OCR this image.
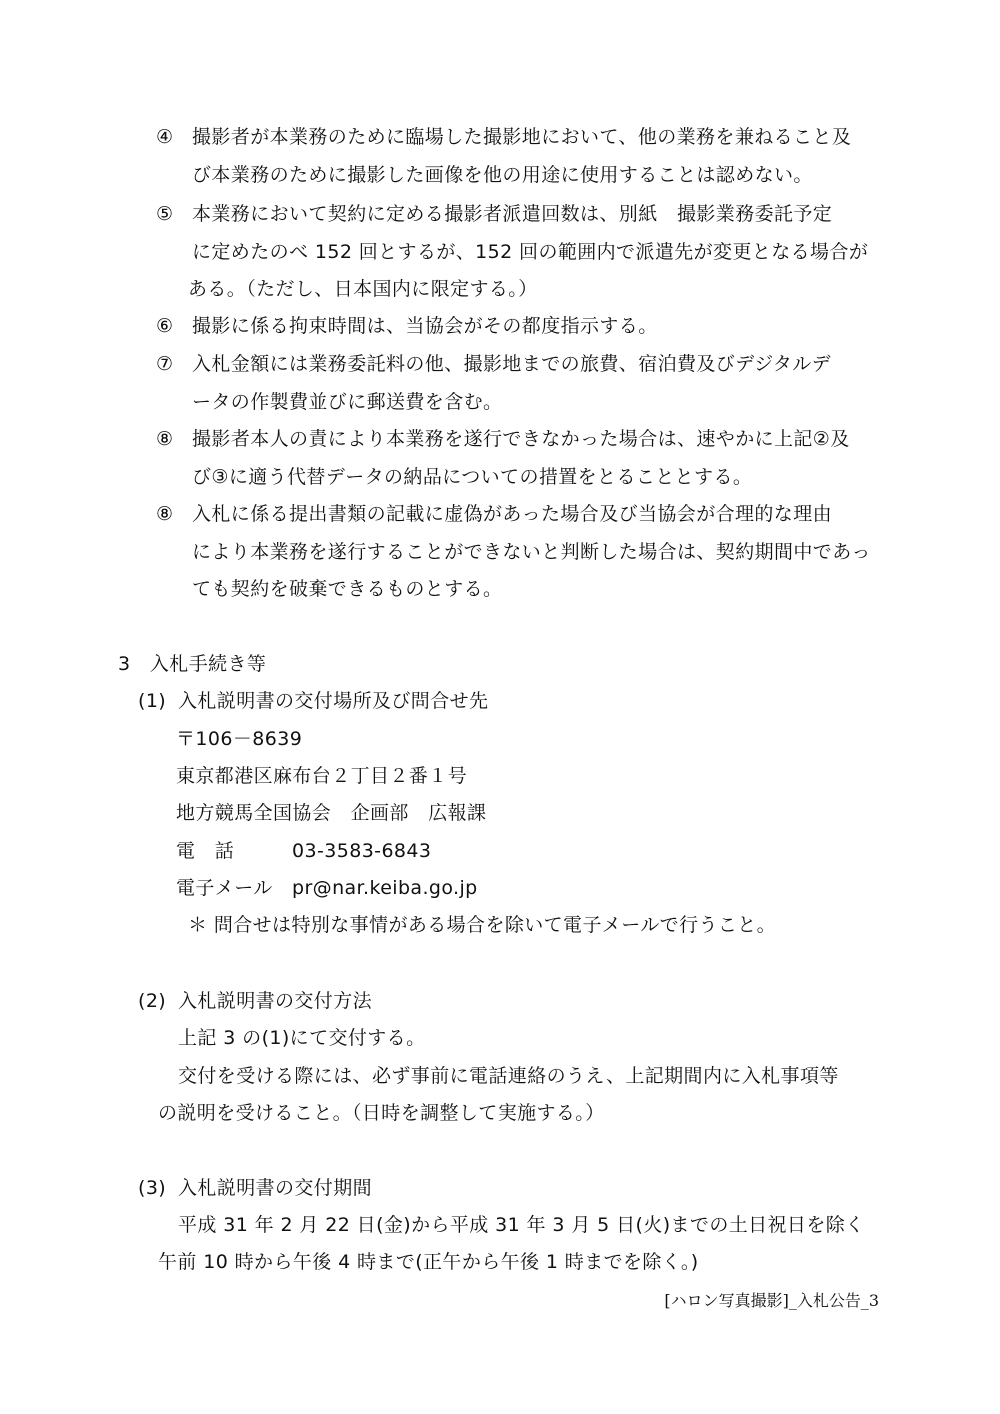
④ 撮影者が本業務のために臨場した撮影地において、他の業務を兼ねること及
び本業務のために撮影した画像を他の用途に使用することは認めない。
⑤ 本業務において契約に定める撮影者派遣回数は、別紙　撮影業務委託予定
に定めたのべ 152 回とするが、152 回の範囲内で派遣先が変更となる場合が
ある。（ただし、日本国内に限定する。）
⑥ 撮影に係る拘束時間は、当協会がその都度指示する。
⑦ 入札金額には業務委託料の他、撮影地までの旅費、宿泊費及びデジタルデ
ータの作製費並びに郵送費を含む。
⑧ 撮影者本人の責により本業務を遂行できなかった場合は、速やかに上記②及
び③に適う代替データの納品についての措置をとることとする。
⑧ 入札に係る提出書類の記載に虚偽があった場合及び当協会が合理的な理由
により本業務を遂行することができないと判断した場合は、契約期間中であっ
ても契約を破棄できるものとする。
3　入札手続き等
(1) 入札説明書の交付場所及び問合せ先
〒106－8639
東京都港区麻布台２丁目２番１号
地方競馬全国協会　企画部　広報課
電　話	03-3583-6843
電子メール pr@nar.keiba.go.jp
＊ 問合せは特別な事情がある場合を除いて電子メールで行うこと。
(2) 入札説明書の交付方法
上記 3 の(1)にて交付する。
交付を受ける際には、必ず事前に電話連絡のうえ、上記期間内に入札事項等
の説明を受けること。（日時を調整して実施する。）
(3) 入札説明書の交付期間
平成 31 年 2 月 22 日(金)から平成 31 年 3 月 5 日(火)までの土日祝日を除く
午前 10 時から午後 4 時まで(正午から午後 1 時までを除く。)
[ハロン写真撮影]_入札公告_3
